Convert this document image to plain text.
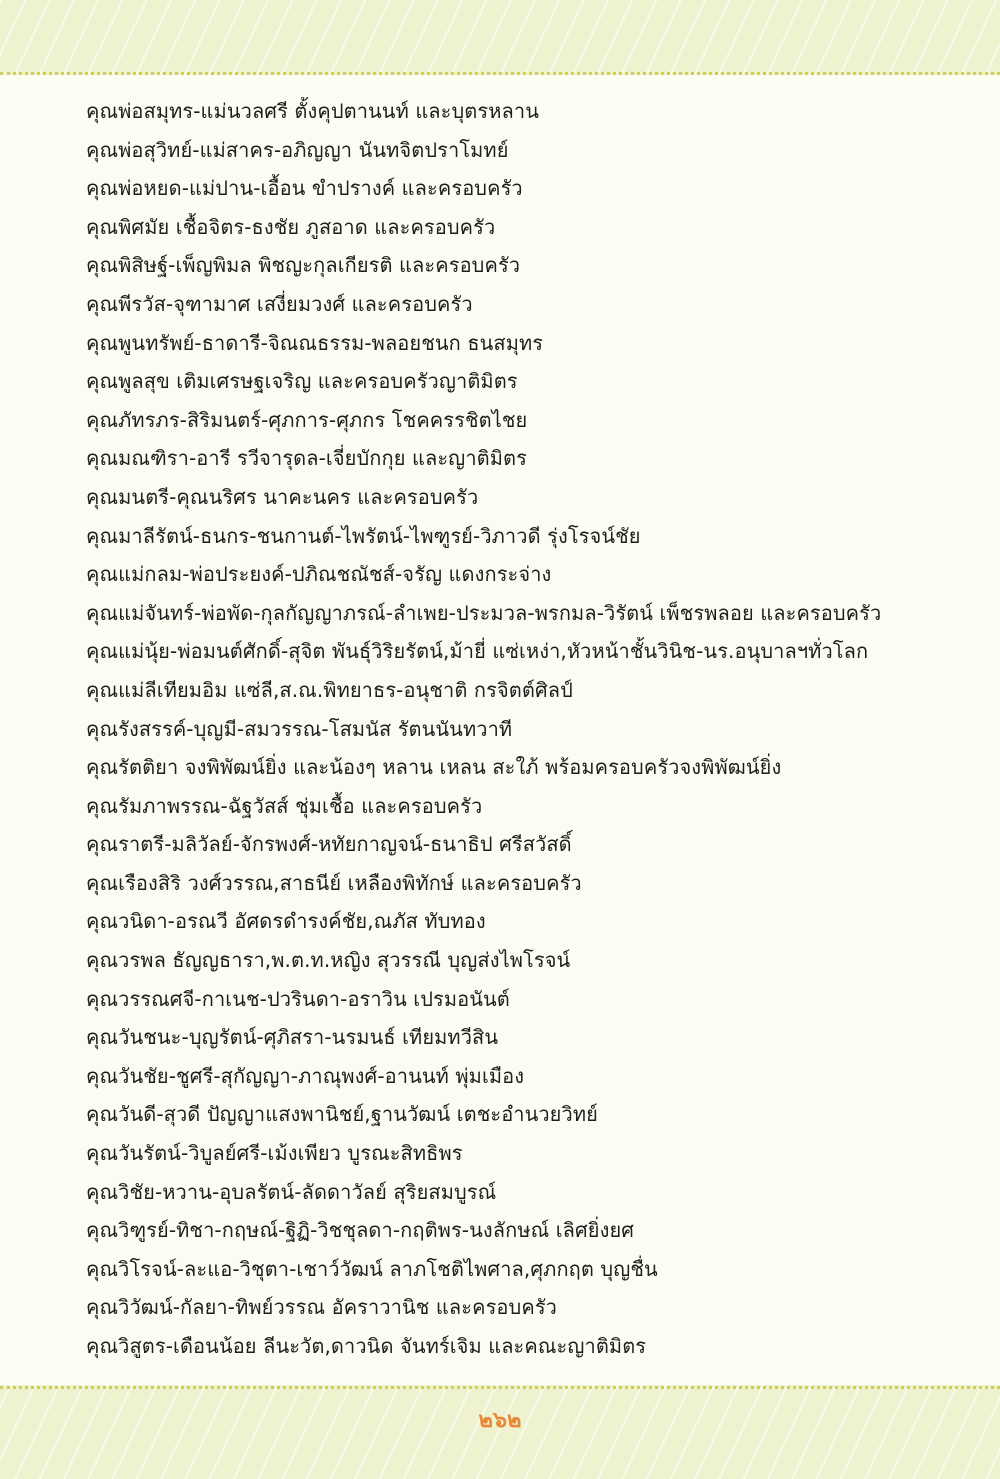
คุณพ่อสมุทร-แม่นวลศรี ตั้งคุปตานนท์ และบุตรหลาน
คุณพ่อสุวิทย์-แม่สาคร-อภิญญา นันทจิตปราโมทย์
คุณพ่อหยด-แม่ปาน-เอื้อน ขำปรางค์ และครอบครัว
คุณพิศมัย เชื้อจิตร-ธงชัย ภูสอาด และครอบครัว
คุณพิสิษฐ์-เพ็ญพิมล พิชญะกุลเกียรติ และครอบครัว
คุณพีรวัส-จุฑามาศ เสงี่ยมวงศ์ และครอบครัว
คุณพูนทรัพย์-ธาดารี-จิณณธรรม-พลอยชนก ธนสมุทร
คุณพูลสุข เติมเศรษฐเจริญ และครอบครัวญาติมิตร
คุณภัทรภร-สิริมนตร์-ศุภการ-ศุภกร โชคครรชิตไชย
คุณมณฑิรา-อารี รวีจารุดล-เจี่ยบักกุย และญาติมิตร
คุณมนตรี-คุณนริศร นาคะนคร และครอบครัว
คุณมาลีรัตน์-ธนกร-ชนกานต์-ไพรัตน์-ไพฑูรย์-วิภาวดี รุ่งโรจน์ชัย
คุณแม่กลม-พ่อประยงค์-ปภิณชณัชส์-จรัญ แดงกระจ่าง
คุณแม่จันทร์-พ่อพัด-กุลกัญญาภรณ์-ลำเพย-ประมวล-พรกมล-วิรัตน์ เพ็ชรพลอย และครอบครัว
คุณแม่นุ้ย-พ่อมนต์ศักดิ์-สุจิต พันธุ์วิริยรัตน์,ม้ายี่ แซ่เหง่า,หัวหน้าชั้นวินิช-นร.อนุบาลฯทั่วโลก
คุณแม่ลีเทียมอิม แซ่ลี,ส.ณ.พิทยาธร-อนุชาติ กรจิตต์ศิลป์
คุณรังสรรค์-บุญมี-สมวรรณ-โสมนัส รัตนนันทวาที
คุณรัตติยา จงพิพัฒน์ยิ่ง และน้องๆ หลาน เหลน สะใภ้ พร้อมครอบครัวจงพิพัฒน์ยิ่ง
คุณรัมภาพรรณ-ฉัฐวัสส์ ชุ่มเชื้อ และครอบครัว
คุณราตรี-มลิวัลย์-จักรพงศ์-หทัยกาญจน์-ธนาธิป ศรีสวัสดิ์
คุณเรืองสิริ วงศ์วรรณ,สาธนีย์ เหลืองพิทักษ์ และครอบครัว
คุณวนิดา-อรณวี อัศดรดำรงค์ชัย,ณภัส ทับทอง
คุณวรพล ธัญญธารา,พ.ต.ท.หญิง สุวรรณี บุญส่งไพโรจน์
คุณวรรณศจี-กาเนช-ปวรินดา-อราวิน เปรมอนันต์
คุณวันชนะ-บุญรัตน์-ศุภิสรา-นรมนธ์ เทียมทวีสิน
คุณวันชัย-ชูศรี-สุกัญญา-ภาณุพงศ์-อานนท์ พุ่มเมือง
คุณวันดี-สุวดี ปัญญาแสงพานิชย์,ฐานวัฒน์ เตชะอำนวยวิทย์
คุณวันรัตน์-วิบูลย์ศรี-เม้งเพียว บูรณะสิทธิพร
คุณวิชัย-หวาน-อุบลรัตน์-ลัดดาวัลย์ สุริยสมบูรณ์
คุณวิฑูรย์-ทิชา-กฤษณ์-ฐิฏิ-วิชชุลดา-กฤติพร-นงลักษณ์ เลิศยิ่งยศ
คุณวิโรจน์-ละแอ-วิชุตา-เชาว์วัฒน์ ลาภโชติไพศาล,ศุภกฤต บุญชื่น
คุณวิวัฒน์-กัลยา-ทิพย์วรรณ อัคราวานิช และครอบครัว
คุณวิสูตร-เดือนน้อย ลีนะวัต,ดาวนิด จันทร์เจิม และคณะญาติมิตร
๒๖๒
